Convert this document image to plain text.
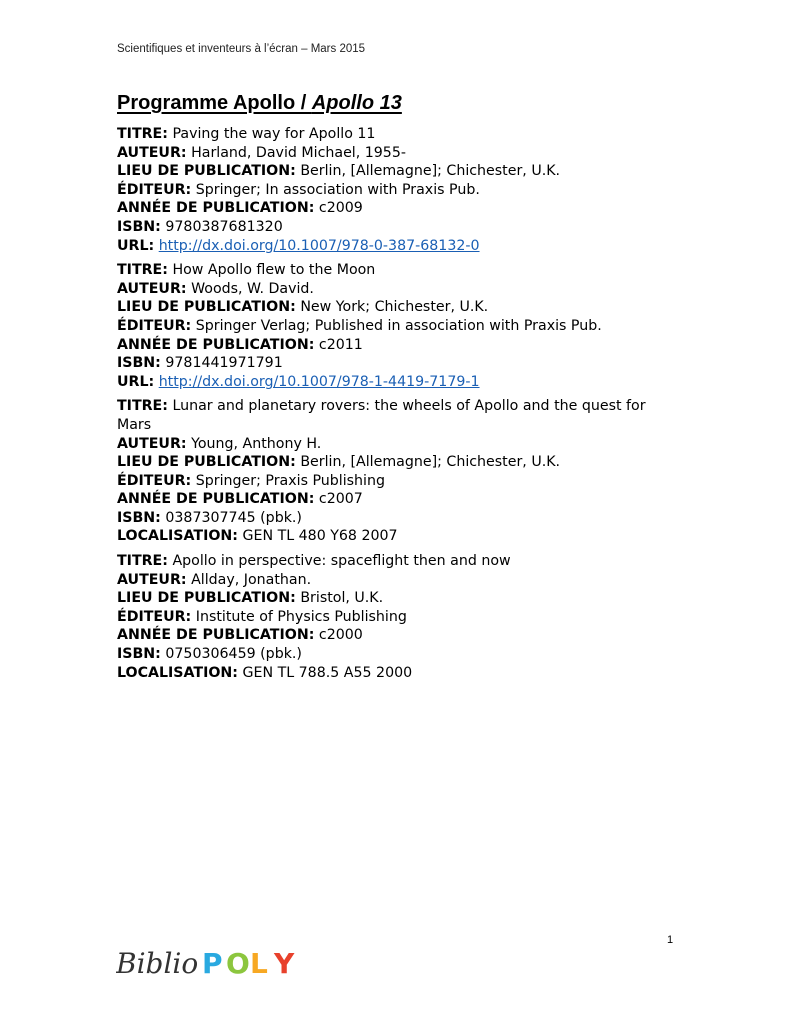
Scientifiques et inventeurs à l’écran – Mars 2015
Programme Apollo / Apollo 13
TITRE: Paving the way for Apollo 11
AUTEUR: Harland, David Michael, 1955-
LIEU DE PUBLICATION: Berlin, [Allemagne]; Chichester, U.K.
ÉDITEUR: Springer; In association with Praxis Pub.
ANNÉE DE PUBLICATION: c2009
ISBN: 9780387681320
URL: http://dx.doi.org/10.1007/978-0-387-68132-0
TITRE: How Apollo flew to the Moon
AUTEUR: Woods, W. David.
LIEU DE PUBLICATION: New York; Chichester, U.K.
ÉDITEUR: Springer Verlag; Published in association with Praxis Pub.
ANNÉE DE PUBLICATION: c2011
ISBN: 9781441971791
URL: http://dx.doi.org/10.1007/978-1-4419-7179-1
TITRE: Lunar and planetary rovers: the wheels of Apollo and the quest for Mars
AUTEUR: Young, Anthony H.
LIEU DE PUBLICATION: Berlin, [Allemagne]; Chichester, U.K.
ÉDITEUR: Springer; Praxis Publishing
ANNÉE DE PUBLICATION: c2007
ISBN: 0387307745 (pbk.)
LOCALISATION: GEN TL 480 Y68 2007
TITRE: Apollo in perspective: spaceflight then and now
AUTEUR: Allday, Jonathan.
LIEU DE PUBLICATION: Bristol, U.K.
ÉDITEUR: Institute of Physics Publishing
ANNÉE DE PUBLICATION: c2000
ISBN: 0750306459 (pbk.)
LOCALISATION: GEN TL 788.5 A55 2000
1
Biblio P O L Y
